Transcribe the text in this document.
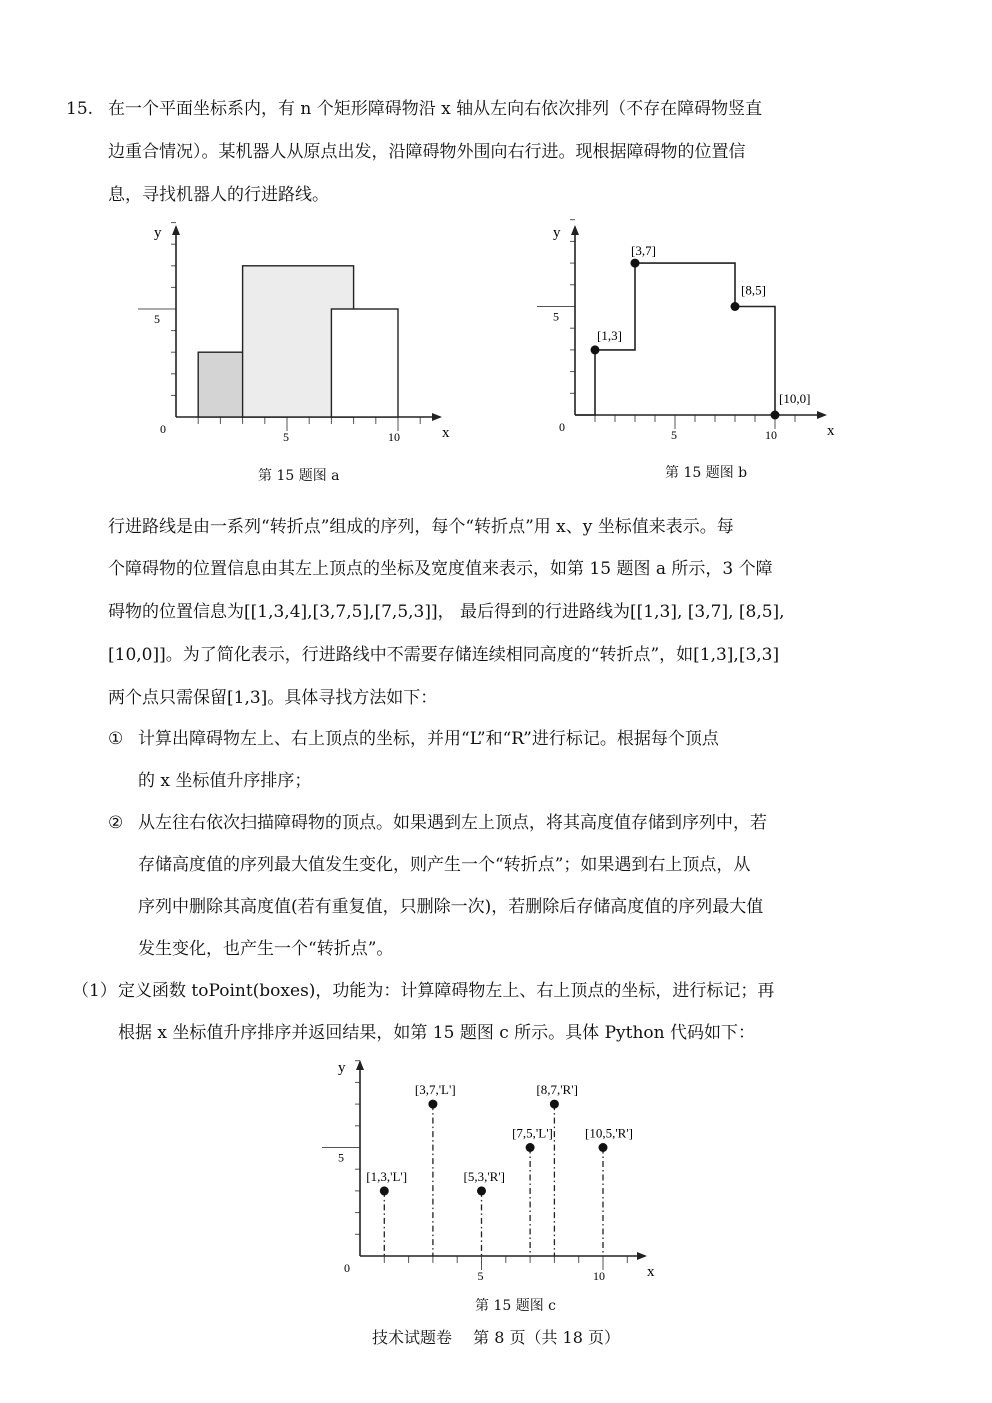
15. 在一个平面坐标系内，有 n 个矩形障碍物沿 x 轴从左向右依次排列（不存在障碍物竖直
边重合情况）。某机器人从原点出发，沿障碍物外围向右行进。现根据障碍物的位置信
息，寻找机器人的行进路线。
y
x
0
5
5	10
第 15 题图 a
y
x
0
5
5	10
[1,3]
[3,7]
[8,5]
[10,0]
第 15 题图 b
行进路线是由一系列“转折点”组成的序列，每个“转折点”用 x、y 坐标值来表示。每
个障碍物的位置信息由其左上顶点的坐标及宽度值来表示，如第 15 题图 a 所示，3 个障
碍物的位置信息为[[1,3,4],[3,7,5],[7,5,3]]， 最后得到的行进路线为[[1,3], [3,7], [8,5],
[10,0]]。为了简化表示，行进路线中不需要存储连续相同高度的“转折点”，如[1,3],[3,3]
两个点只需保留[1,3]。具体寻找方法如下：
① 计算出障碍物左上、右上顶点的坐标，并用“L”和“R”进行标记。根据每个顶点
的 x 坐标值升序排序；
② 从左往右依次扫描障碍物的顶点。如果遇到左上顶点，将其高度值存储到序列中，若
存储高度值的序列最大值发生变化，则产生一个“转折点”；如果遇到右上顶点，从
序列中删除其高度值(若有重复值，只删除一次)，若删除后存储高度值的序列最大值
发生变化，也产生一个“转折点”。
（1） 定义函数 toPoint(boxes)，功能为：计算障碍物左上、右上顶点的坐标，进行标记；再
根据 x 坐标值升序排序并返回结果，如第 15 题图 c 所示。具体 Python 代码如下：
y
x
0
5
5	10
[1,3,'L']
[3,7,'L']
[5,3,'R']
[7,5,'L']
[8,7,'R']
[10,5,'R']
第 15 题图 c
技术试题卷 第 8 页（共 18 页）
